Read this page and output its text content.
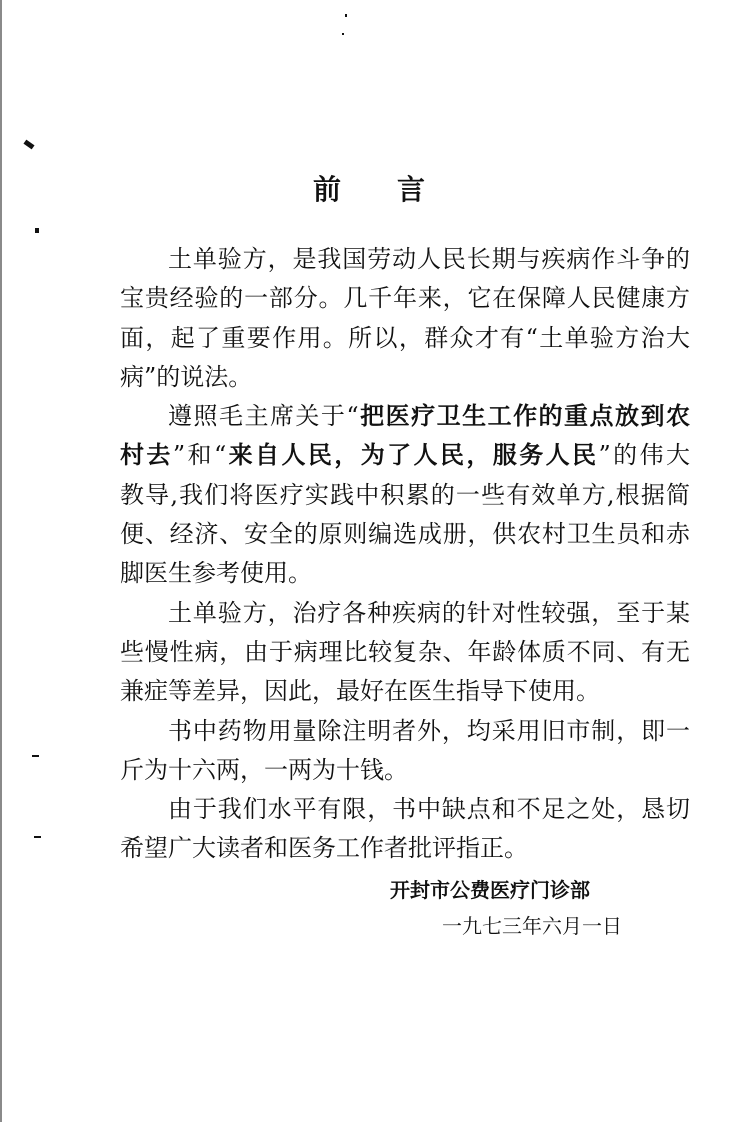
前 言
土单验方，是我国劳动人民长期与疾病作斗争的
宝贵经验的一部分。几千年来，它在保障人民健康方
面，起了重要作用。所以，群众才有“土单验方治大
病”的说法。
遵照毛主席关于“把医疗卫生工作的重点放到农
村去”和“来自人民，为了人民，服务人民”的伟大
教导,我们将医疗实践中积累的一些有效单方,根据简
便、经济、安全的原则编选成册，供农村卫生员和赤
脚医生参考使用。
土单验方，治疗各种疾病的针对性较强，至于某
些慢性病，由于病理比较复杂、年龄体质不同、有无
兼症等差异，因此，最好在医生指导下使用。
书中药物用量除注明者外，均采用旧市制，即一
斤为十六两，一两为十钱。
由于我们水平有限，书中缺点和不足之处，恳切
希望广大读者和医务工作者批评指正。
开封市公费医疗门诊部
一九七三年六月一日
